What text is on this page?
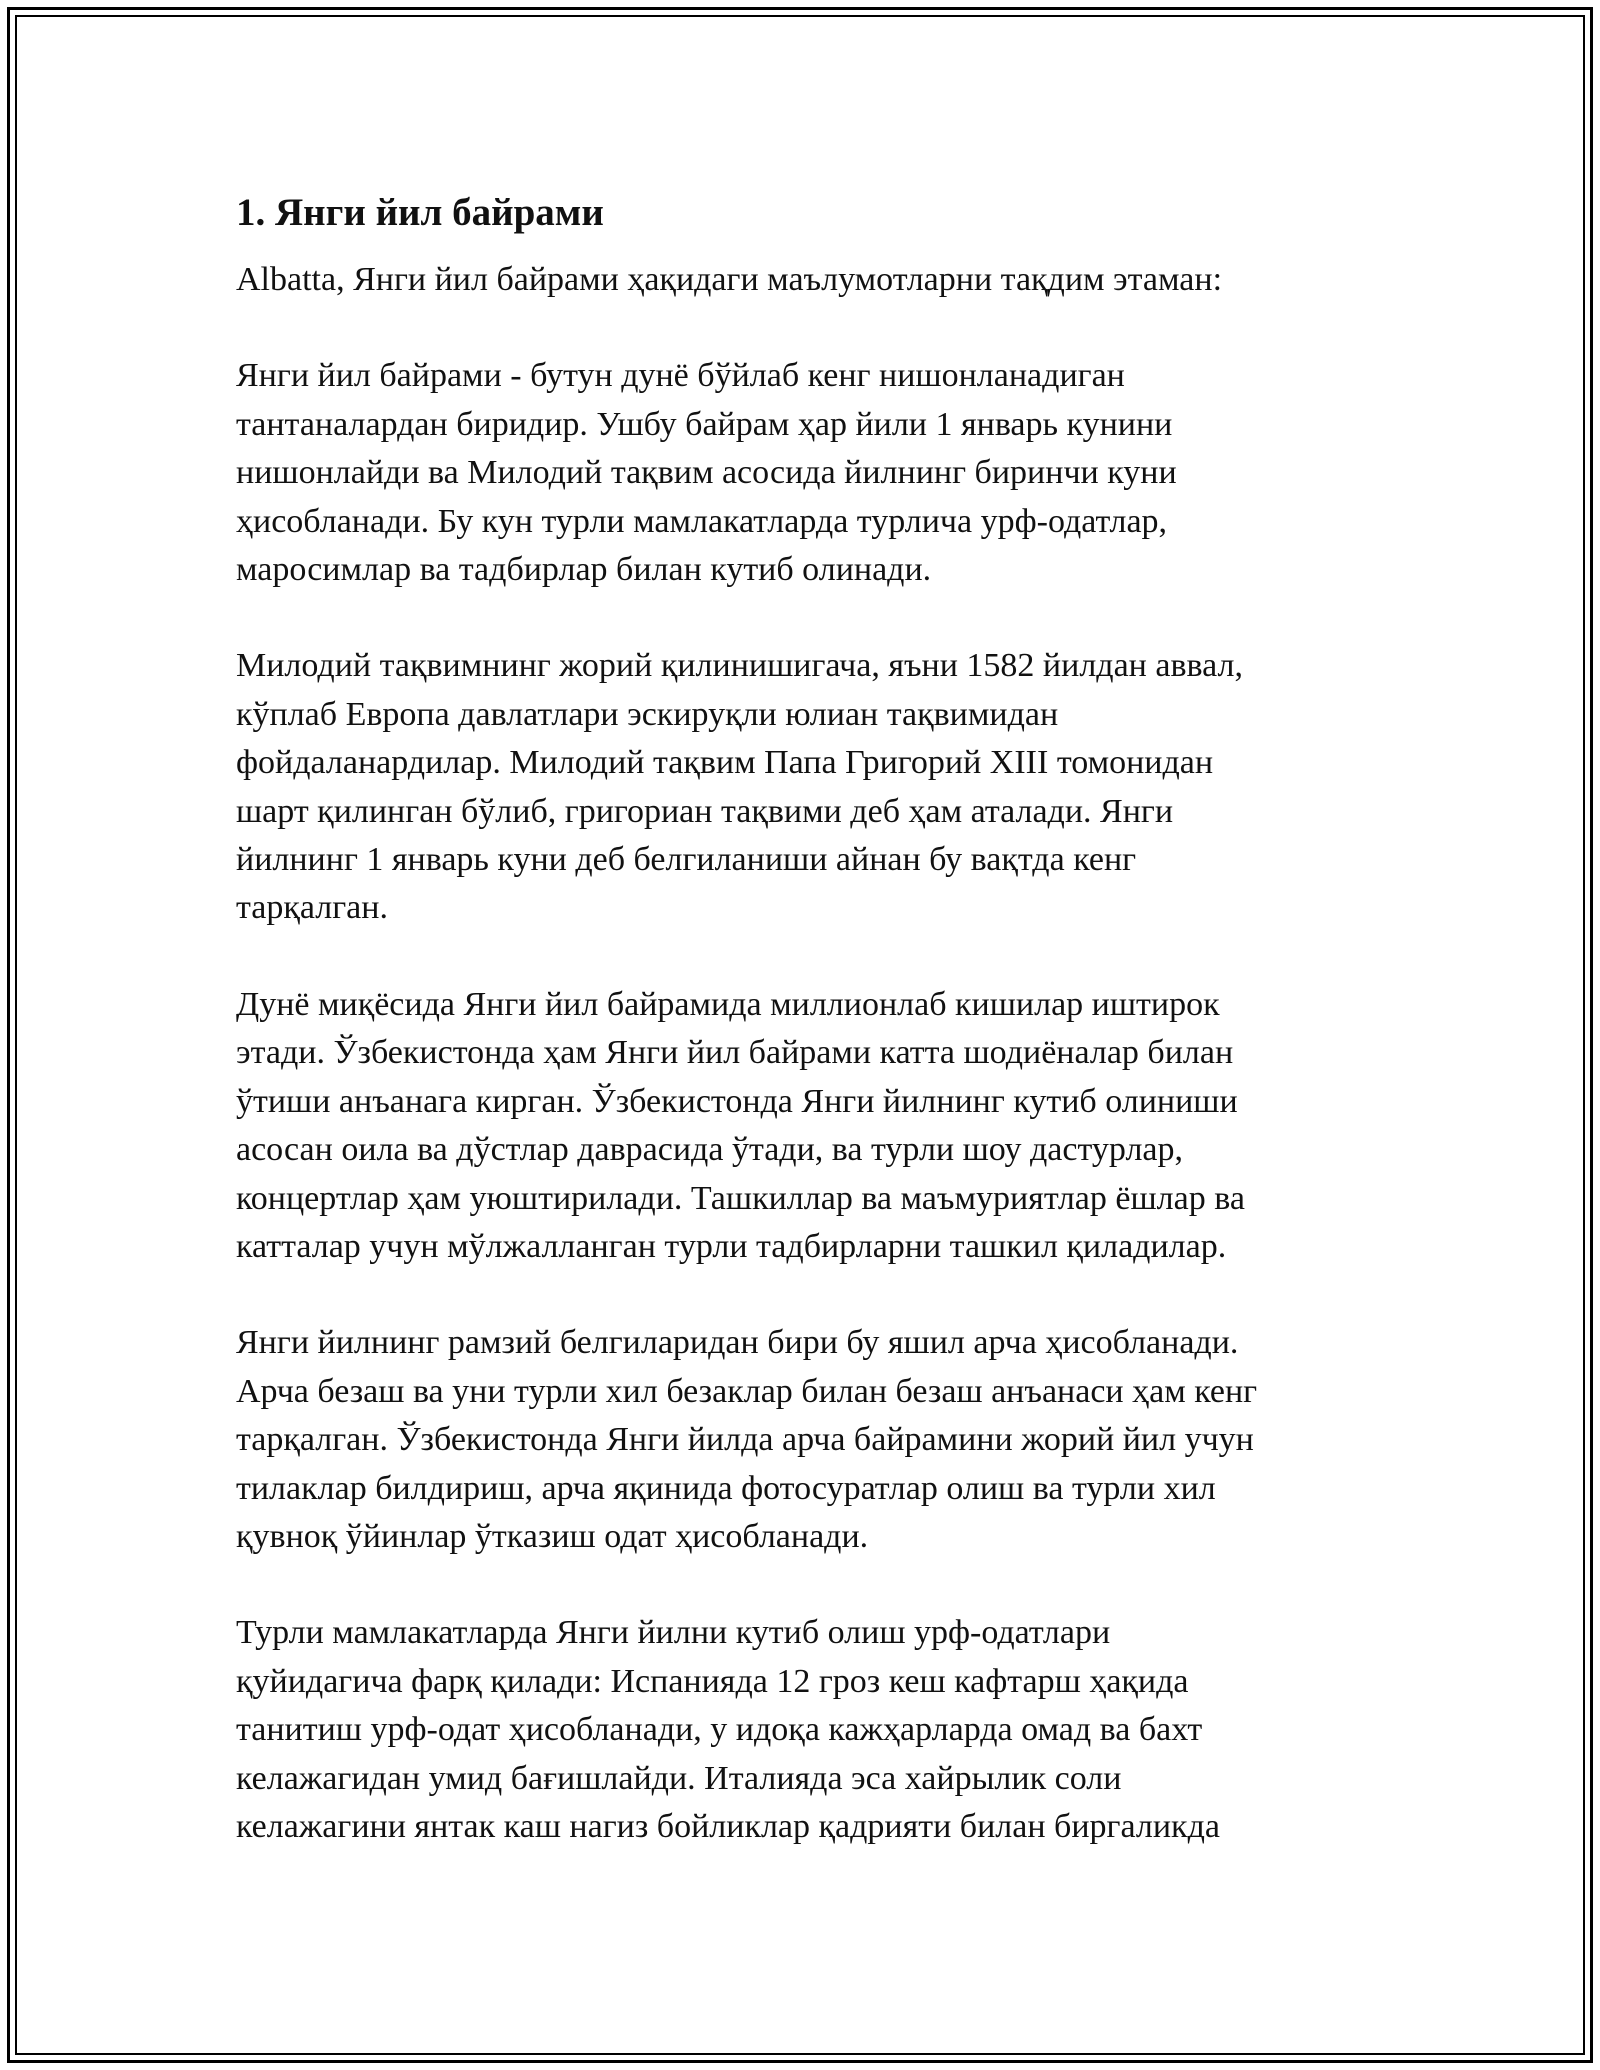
1. Янги йил байрами

Albatta, Янги йил байрами ҳақидаги маълумотларни тақдим этаман:

Янги йил байрами - бутун дунё бўйлаб кенг нишонланадиган
тантаналардан биридир. Ушбу байрам ҳар йили 1 январь кунини
нишонлайди ва Милодий тақвим асосида йилнинг биринчи куни
ҳисобланади. Бу кун турли мамлакатларда турлича урф-одатлар,
маросимлар ва тадбирлар билан кутиб олинади.

Милодий тақвимнинг жорий қилинишигача, яъни 1582 йилдан аввал,
кўплаб Европа давлатлари эскируқли юлиан тақвимидан
фойдаланардилар. Милодий тақвим Папа Григорий XIII томонидан
шарт қилинган бўлиб, григориан тақвими деб ҳам аталади. Янги
йилнинг 1 январь куни деб белгиланиши айнан бу вақтда кенг
тарқалган.

Дунё миқёсида Янги йил байрамида миллионлаб кишилар иштирок
этади. Ўзбекистонда ҳам Янги йил байрами катта шодиёналар билан
ўтиши анъанага кирган. Ўзбекистонда Янги йилнинг кутиб олиниши
асосан оила ва дўстлар даврасида ўтади, ва турли шоу дастурлар,
концертлар ҳам уюштирилади. Ташкиллар ва маъмуриятлар ёшлар ва
катталар учун мўлжалланган турли тадбирларни ташкил қиладилар.

Янги йилнинг рамзий белгиларидан бири бу яшил арча ҳисобланади.
Арча безаш ва уни турли хил безаклар билан безаш анъанаси ҳам кенг
тарқалган. Ўзбекистонда Янги йилда арча байрамини жорий йил учун
тилаклар билдириш, арча яқинида фотосуратлар олиш ва турли хил
қувноқ ўйинлар ўтказиш одат ҳисобланади.

Турли мамлакатларда Янги йилни кутиб олиш урф-одатлари
қуйидагича фарқ қилади: Испанияда 12 гроз кеш кафтарш ҳақида
танитиш урф-одат ҳисобланади, у идоқа кажҳарларда омад ва бахт
келажагидан умид бағишлайди. Италияда эса хайрылик соли
келажагини янтак каш нагиз бойликлар қадрияти билан биргаликда
